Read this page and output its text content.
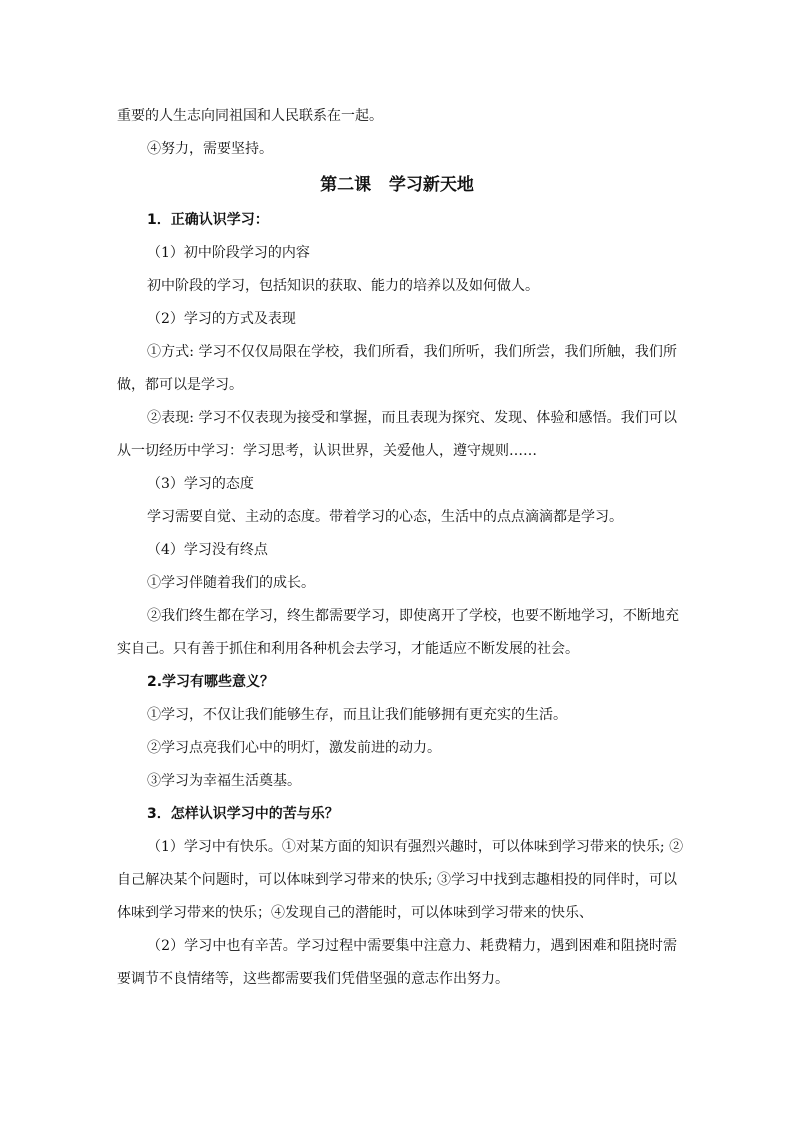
重要的人生志向同祖国和人民联系在一起。
④努力，需要坚持。
第二课   学习新天地
1．正确认识学习：
（1）初中阶段学习的内容
初中阶段的学习，包括知识的获取、能力的培养以及如何做人。
（2）学习的方式及表现
①方式: 学习不仅仅局限在学校，我们所看，我们所听，我们所尝，我们所触，我们所
做，都可以是学习。
②表现: 学习不仅表现为接受和掌握，而且表现为探究、发现、体验和感悟。我们可以
从一切经历中学习：学习思考，认识世界，关爱他人，遵守规则……
（3）学习的态度
学习需要自觉、主动的态度。带着学习的心态，生活中的点点滴滴都是学习。
（4）学习没有终点
①学习伴随着我们的成长。
②我们终生都在学习，终生都需要学习，即使离开了学校，也要不断地学习，不断地充
实自己。只有善于抓住和利用各种机会去学习，才能适应不断发展的社会。
2.学习有哪些意义？
①学习，不仅让我们能够生存，而且让我们能够拥有更充实的生活。
②学习点亮我们心中的明灯，激发前进的动力。
③学习为幸福生活奠基。
3．怎样认识学习中的苦与乐？
（1）学习中有快乐。①对某方面的知识有强烈兴趣时，可以体味到学习带来的快乐; ②
自己解决某个问题时，可以体味到学习带来的快乐; ③学习中找到志趣相投的同伴时，可以
体味到学习带来的快乐；④发现自己的潜能时，可以体味到学习带来的快乐、
（2）学习中也有辛苦。学习过程中需要集中注意力、耗费精力，遇到困难和阻挠时需
要调节不良情绪等，这些都需要我们凭借坚强的意志作出努力。
